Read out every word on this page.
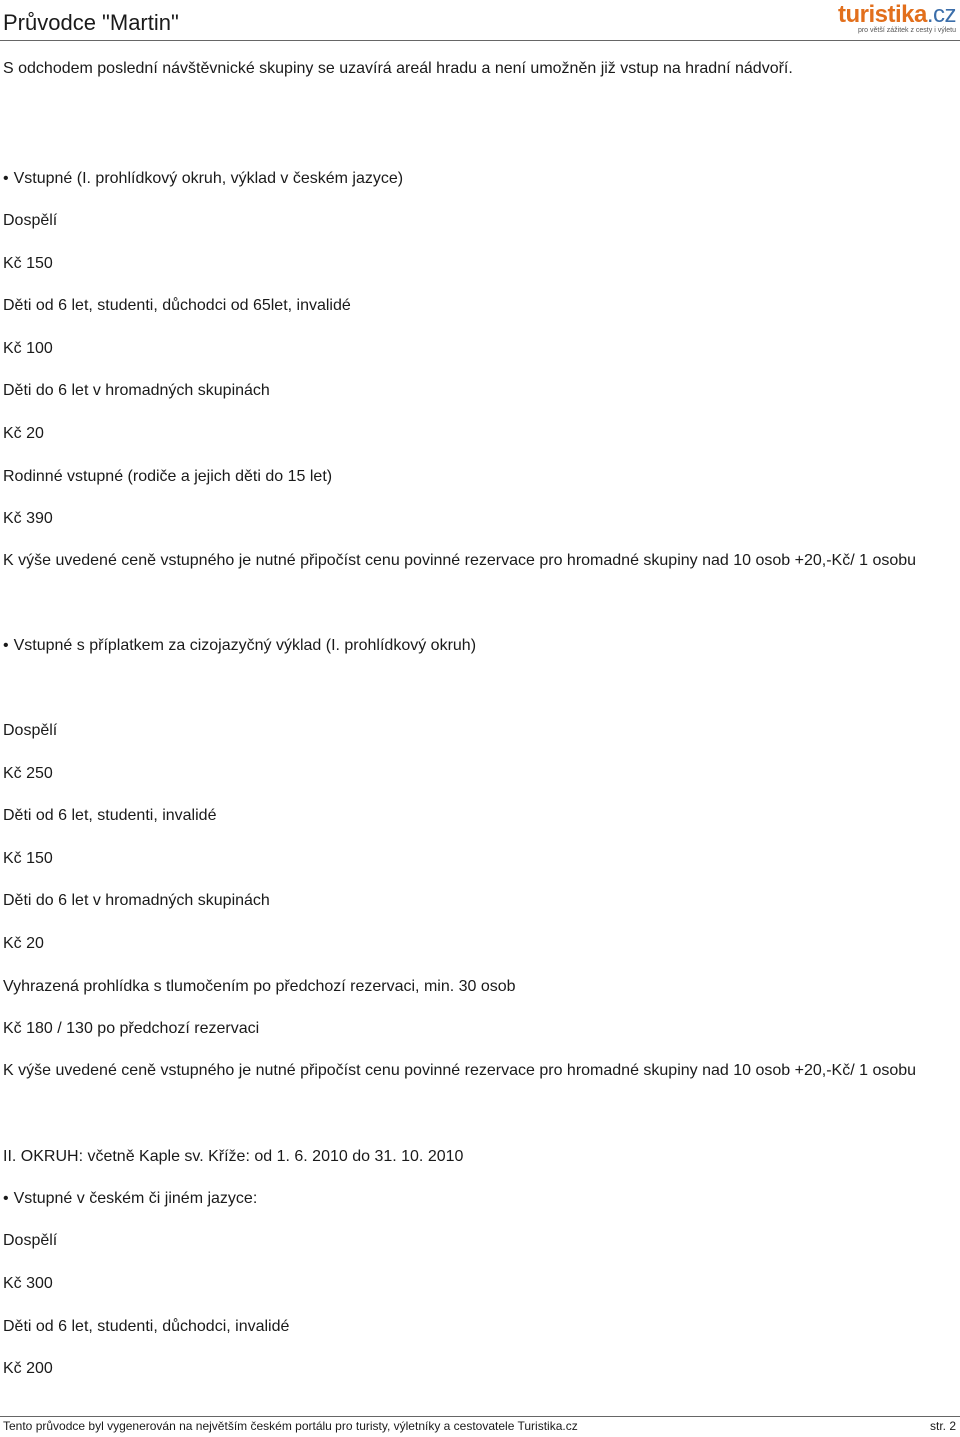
Průvodce "Martin"	turistika.cz
pro větší zážitek z cesty i výletu

S odchodem poslední návštěvnické skupiny se uzavírá areál hradu a není umožněn již vstup na hradní nádvoří.

• Vstupné (I. prohlídkový okruh, výklad v českém jazyce)

Dospělí

Kč 150

Děti od 6 let, studenti, důchodci od 65let, invalidé

Kč 100

Děti do 6 let v hromadných skupinách

Kč 20

Rodinné vstupné (rodiče a jejich děti do 15 let)

Kč 390

K výše uvedené ceně vstupného je nutné připočíst cenu povinné rezervace pro hromadné skupiny nad 10 osob +20,-Kč/ 1 osobu

• Vstupné s příplatkem za cizojazyčný výklad (I. prohlídkový okruh)

Dospělí

Kč 250

Děti od 6 let, studenti, invalidé

Kč 150

Děti do 6 let v hromadných skupinách

Kč 20

Vyhrazená prohlídka s tlumočením po předchozí rezervaci, min. 30 osob

Kč 180 / 130 po předchozí rezervaci

K výše uvedené ceně vstupného je nutné připočíst cenu povinné rezervace pro hromadné skupiny nad 10 osob +20,-Kč/ 1 osobu

II. OKRUH: včetně Kaple sv. Kříže: od 1. 6. 2010 do 31. 10. 2010

• Vstupné v českém či jiném jazyce:

Dospělí

Kč 300

Děti od 6 let, studenti, důchodci, invalidé

Kč 200

Tento průvodce byl vygenerován na největším českém portálu pro turisty, výletníky a cestovatele Turistika.cz	str. 2
